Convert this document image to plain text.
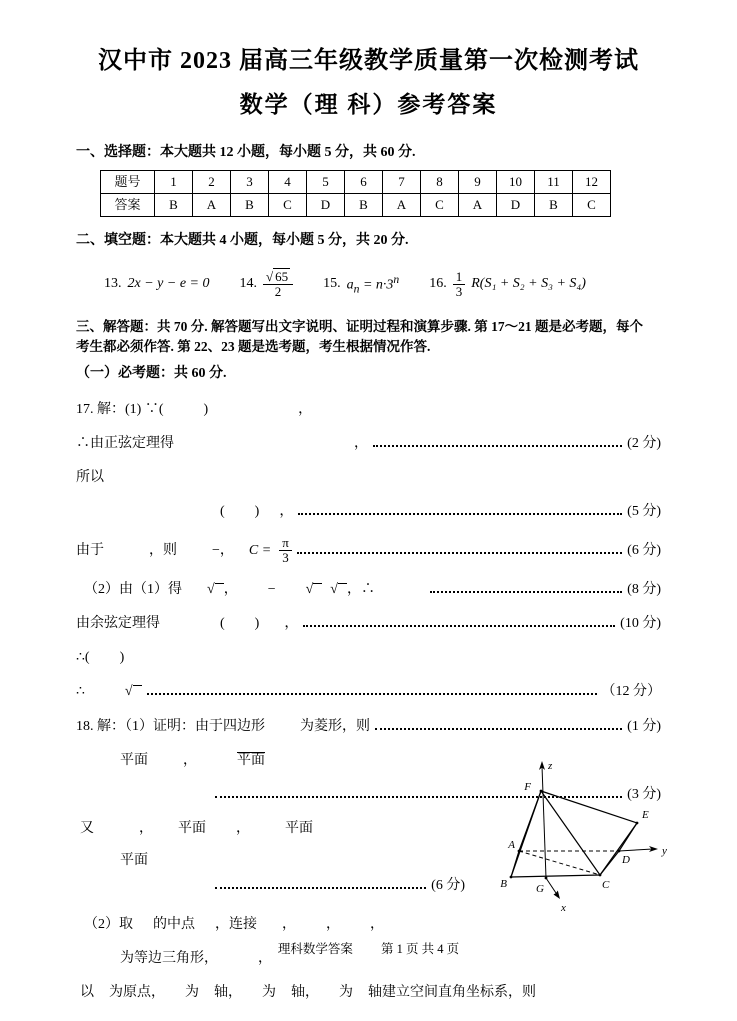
汉中市 2023 届高三年级教学质量第一次检测考试
数学（理 科）参考答案
一、选择题：本大题共 12 小题，每小题 5 分，共 60 分.
题号	1	2	3	4	5	6	7	8	9	10	11	12
答案	B	A	B	C	D	B	A	C	A	D	B	C
二、填空题：本大题共 4 小题，每小题 5 分，共 20 分.
13. 2x − y − e = 0 14. $\frac{√ 65}{2} 15$. $a_n = n\cdot 3^n$ 16. $\frac{1}{3} R(S_1 + S_2 + S_3 + S_4)$
三、解答题：共 70 分. 解答题写出文字说明、证明过程和演算步骤. 第 17～21 题是必考题，每个
考生都必须作答. 第 22、23 题是选考题，考生根据情况作答.
（一）必考题：共 60 分.
17. 解：(1) ∵(	)	，
∴由正弦定理得	，	(2 分)
所以
( ) ，	(5 分)
由于	，则	−， $C = \frac{\pi}{3}$	(6 分)
（2）由（1）得 √ ， − √	√ ，∴	(8 分)
由余弦定理得	( ) ，	(10 分)
∴( )
∴	√	（12 分）
18. 解：（1）证明：由于四边形	为菱形，则	(1 分)
平面	，	平面
(3 分)
又	， 平面 ，	平面
平面
(6 分)
（2）取 的中点 ，连接 ， ， ，
为等边三角形，	，
以 为原点， 为 轴， 为 轴， 为 轴建立空间直角坐标系，则
z
y
x
F
E
A
D
B	G	C
理科数学答案 第 1 页 共 4 页
